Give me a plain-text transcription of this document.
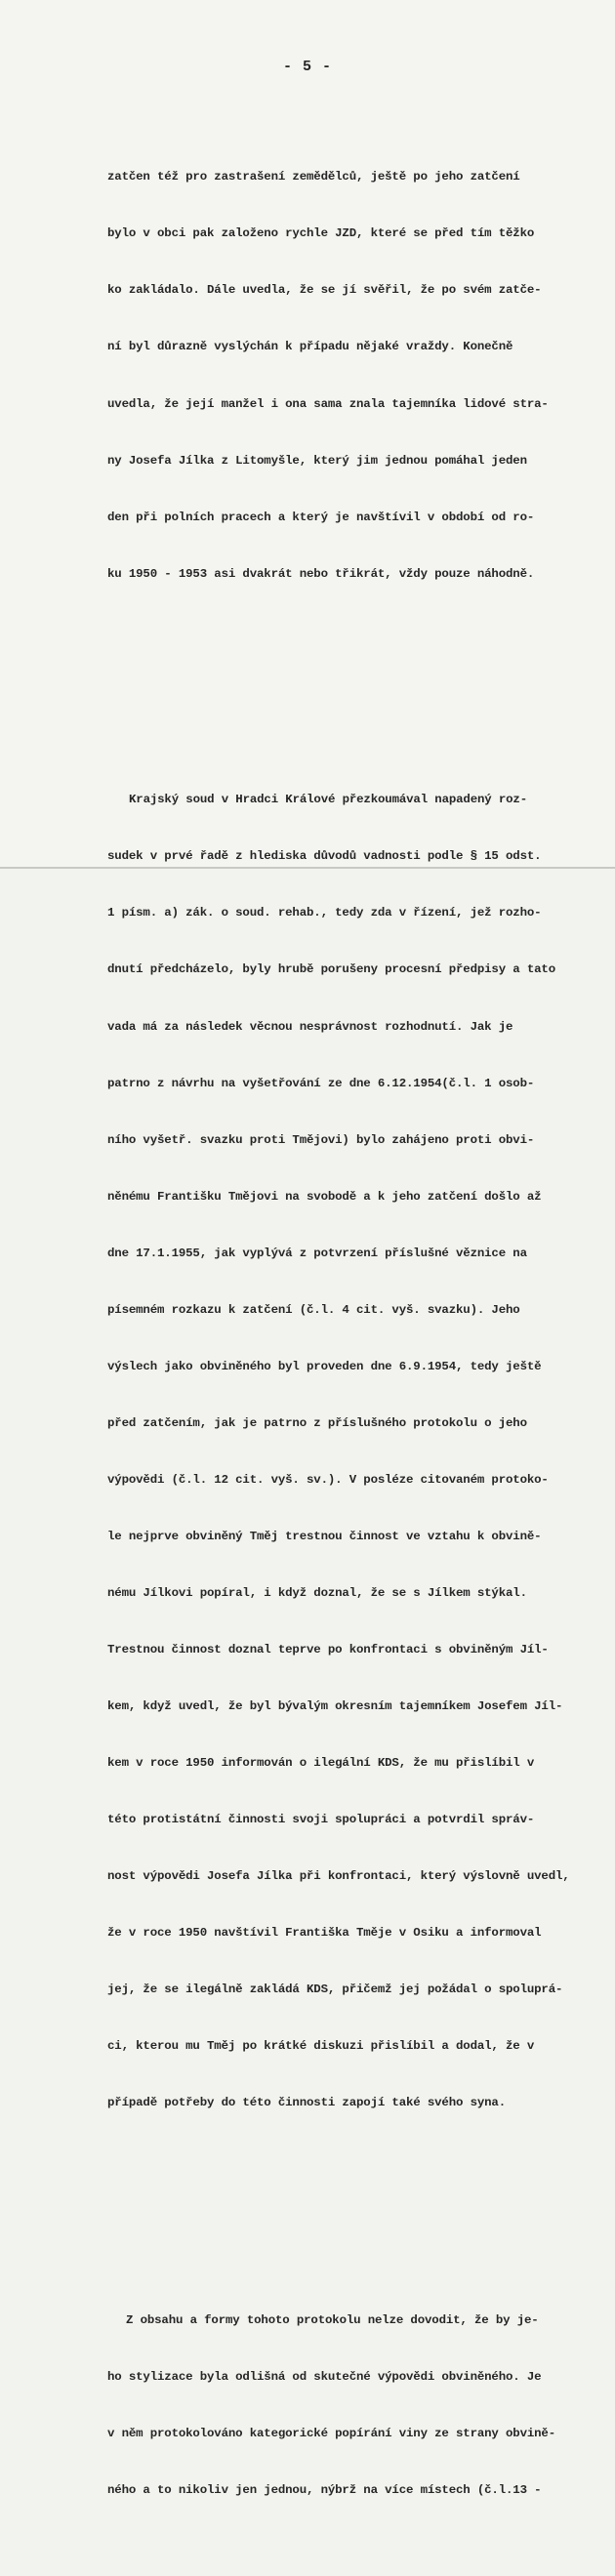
- 5 -

zatčen též pro zastrašení zemědělců, ještě po jeho zatčení

bylo v obci pak založeno rychle JZD, které se před tím těžko

ko zakládalo. Dále uvedla, že se jí svěřil, že po svém zatče-

ní byl důrazně vyslýchán k případu nějaké vraždy. Konečně

uvedla, že její manžel i ona sama znala tajemníka lidové stra-

ny Josefa Jílka z Litomyšle, který jim jednou pomáhal jeden

den při polních pracech a který je navštívil v období od ro-

ku 1950 - 1953 asi dvakrát nebo třikrát, vždy pouze náhodně.

Krajský soud v Hradci Králové přezkoumával napadený roz-

sudek v prvé řadě z hlediska důvodů vadnosti podle § 15 odst.

1 písm. a) zák. o soud. rehab., tedy zda v řízení, jež rozho-

dnutí předcházelo, byly hrubě porušeny procesní předpisy a tato

vada má za následek věcnou nesprávnost rozhodnutí. Jak je

patrno z návrhu na vyšetřování ze dne 6.12.1954(č.l. 1 osob-

ního vyšetř. svazku proti Tmějovi) bylo zahájeno proti obvi-

něnému Františku Tmějovi na svobodě a k jeho zatčení došlo až

dne 17.1.1955, jak vyplývá z potvrzení příslušné věznice na

písemném rozkazu k zatčení (č.l. 4 cit. vyš. svazku). Jeho

výslech jako obviněného byl proveden dne 6.9.1954, tedy ještě

před zatčením, jak je patrno z příslušného protokolu o jeho

výpovědi (č.l. 12 cit. vyš. sv.). V posléze citovaném protoko-

le nejprve obviněný Tměj trestnou činnost ve vztahu k obvině-

nému Jílkovi popíral, i když doznal, že se s Jílkem stýkal.

Trestnou činnost doznal teprve po konfrontaci s obviněným Jíl-

kem, když uvedl, že byl bývalým okresním tajemníkem Josefem Jíl-

kem v roce 1950 informován o ilegální KDS, že mu přislíbil v

této protistátní činnosti svoji spolupráci a potvrdil správ-

nost výpovědi Josefa Jílka při konfrontaci, který výslovně uvedl,

že v roce 1950 navštívil Františka Tměje v Osiku a informoval

jej, že se ilegálně zakládá KDS, přičemž jej požádal o spoluprá-

ci, kterou mu Tměj po krátké diskuzi přislíbil a dodal, že v

případě potřeby do této činnosti zapojí také svého syna.

Z obsahu a formy tohoto protokolu nelze dovodit, že by je-

ho stylizace byla odlišná od skutečné výpovědi obviněného. Je

v něm protokolováno kategorické popírání viny ze strany obvině-

ného a to nikoliv jen jednou, nýbrž na více místech (č.l.13 -
